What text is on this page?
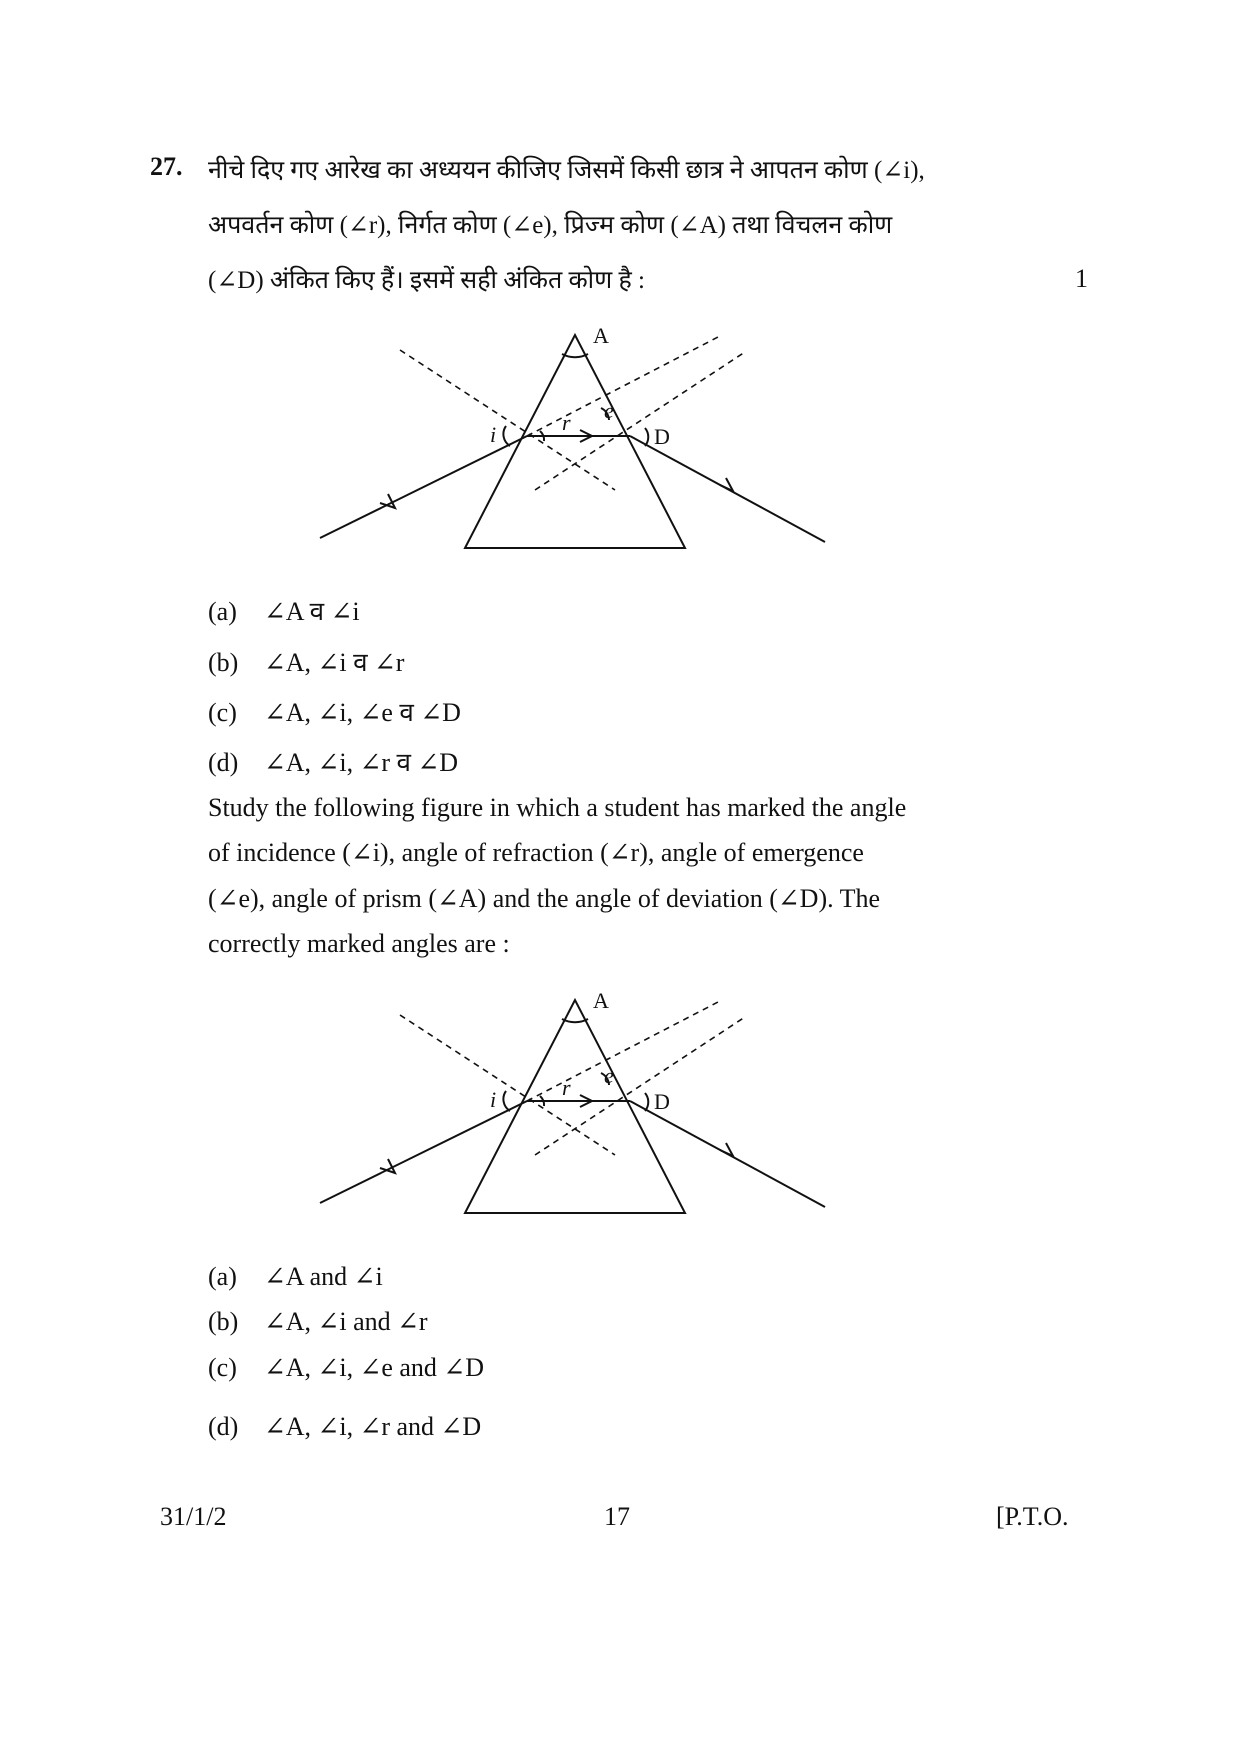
27. नीचे दिए गए आरेख का अध्ययन कीजिए जिसमें किसी छात्र ने आपतन कोण (∠i),
अपवर्तन कोण (∠r), निर्गत कोण (∠e), प्रिज्म कोण (∠A) तथा विचलन कोण
(∠D) अंकित किए हैं। इसमें सही अंकित कोण है :	1
A
i	r e
D
(a) ∠A व ∠i
(b) ∠A, ∠i व ∠r
(c) ∠A, ∠i, ∠e व ∠D
(d) ∠A, ∠i, ∠r व ∠D
Study the following figure in which a student has marked the angle
of incidence (∠i), angle of refraction (∠r), angle of emergence
(∠e), angle of prism (∠A) and the angle of deviation (∠D). The
correctly marked angles are :
A
i	r e
D
(a) ∠A and ∠i
(b) ∠A, ∠i and ∠r
(c) ∠A, ∠i, ∠e and ∠D
(d) ∠A, ∠i, ∠r and ∠D
31/1/2	17	[P.T.O.
